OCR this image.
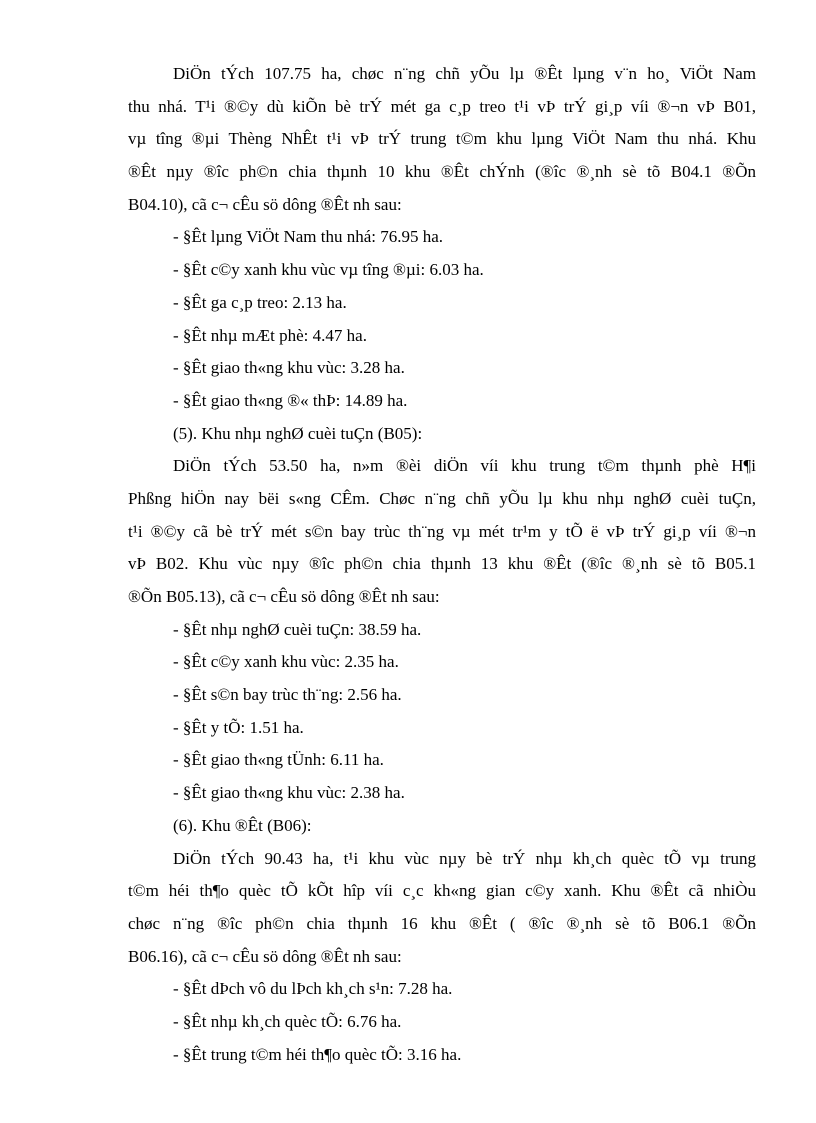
DiÖn tÝch 107.75 ha, chøc n¨ng chñ yÕu lµ ®Êt lµng v¨n ho¸ ViÖt Nam
thu nhá. T¹i ®©y dù kiÕn bè trÝ mét ga c¸p treo t¹i vÞ trÝ gi¸p víi ®¬n vÞ B01,
vµ tîng ®µi Thèng NhÊt t¹i vÞ trÝ trung t©m khu lµng ViÖt Nam thu nhá. Khu
®Êt nµy ®îc ph©n chia thµnh 10 khu ®Êt chÝnh (®îc ®¸nh sè tõ B04.1 ®Õn
B04.10), cã c¬ cÊu sö dông ®Êt nh sau:
- §Êt lµng ViÖt Nam thu nhá: 76.95 ha.
- §Êt c©y xanh khu vùc vµ tîng ®µi: 6.03 ha.
- §Êt ga c¸p treo: 2.13 ha.
- §Êt nhµ mÆt phè: 4.47 ha.
- §Êt giao th«ng khu vùc: 3.28 ha.
- §Êt giao th«ng ®« thÞ: 14.89 ha.
(5). Khu nhµ nghØ cuèi tuÇn (B05):
DiÖn tÝch 53.50 ha, n»m ®èi diÖn víi khu trung t©m thµnh phè H¶i
Phßng hiÖn nay bëi s«ng CÊm. Chøc n¨ng chñ yÕu lµ khu nhµ nghØ cuèi tuÇn,
t¹i ®©y cã bè trÝ mét s©n bay trùc th¨ng vµ mét tr¹m y tÕ ë vÞ trÝ gi¸p víi ®¬n
vÞ B02. Khu vùc nµy ®îc ph©n chia thµnh 13 khu ®Êt (®îc ®¸nh sè tõ B05.1
®Õn B05.13), cã c¬ cÊu sö dông ®Êt nh sau:
- §Êt nhµ nghØ cuèi tuÇn: 38.59 ha.
- §Êt c©y xanh khu vùc: 2.35 ha.
- §Êt s©n bay trùc th¨ng: 2.56 ha.
- §Êt y tÕ: 1.51 ha.
- §Êt giao th«ng tÜnh: 6.11 ha.
- §Êt giao th«ng khu vùc: 2.38 ha.
(6). Khu ®Êt (B06):
DiÖn tÝch 90.43 ha, t¹i khu vùc nµy bè trÝ nhµ kh¸ch quèc tÕ vµ trung
t©m héi th¶o quèc tÕ kÕt hîp víi c¸c kh«ng gian c©y xanh. Khu ®Êt cã nhiÒu
chøc n¨ng ®îc ph©n chia thµnh 16 khu ®Êt ( ®îc ®¸nh sè tõ B06.1 ®Õn
B06.16), cã c¬ cÊu sö dông ®Êt nh sau:
- §Êt dÞch vô du lÞch kh¸ch s¹n: 7.28 ha.
- §Êt nhµ kh¸ch quèc tÕ: 6.76 ha.
- §Êt trung t©m héi th¶o quèc tÕ: 3.16 ha.
